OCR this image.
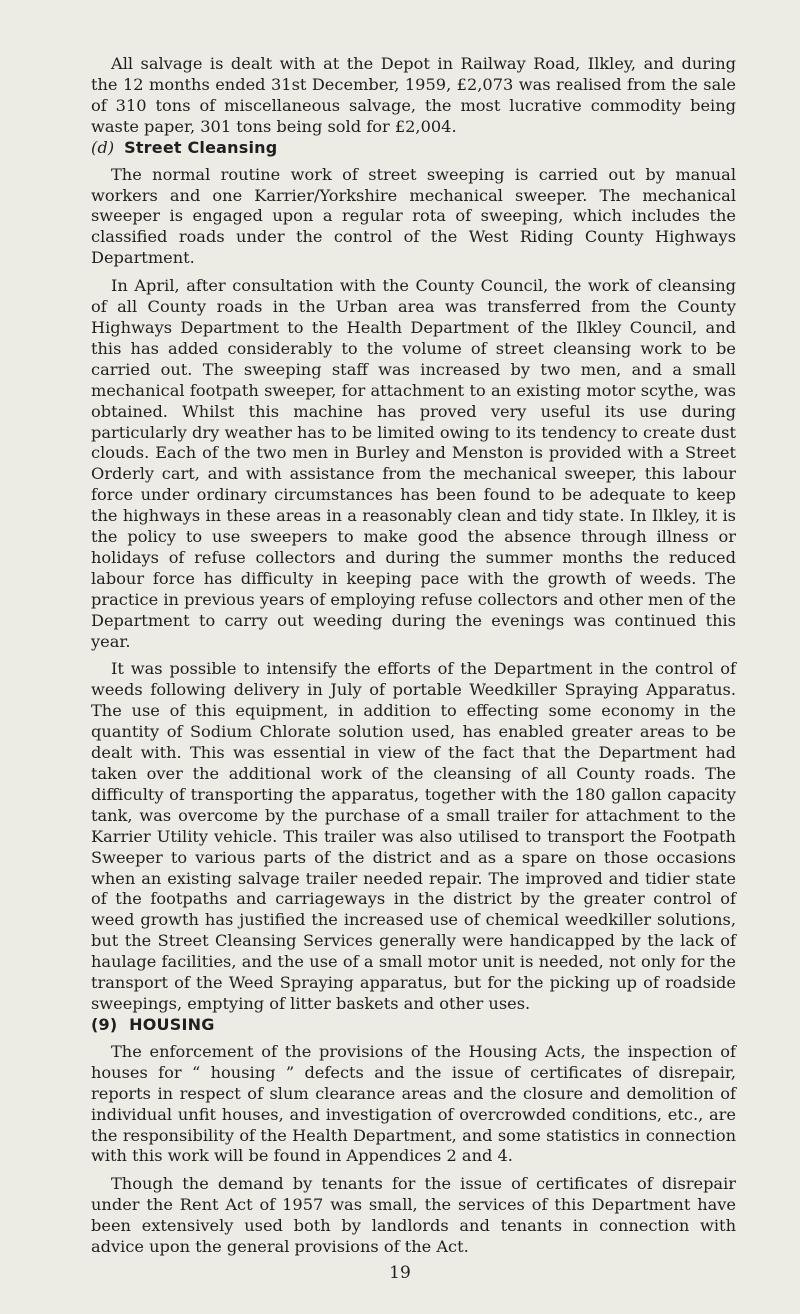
All salvage is dealt with at the Depot in Railway Road, Ilkley, and during the 12 months ended 31st December, 1959, £2,073 was realised from the sale of 310 tons of miscellaneous salvage, the most lucrative commodity being waste paper, 301 tons being sold for £2,004.

(d) Street Cleansing

The normal routine work of street sweeping is carried out by manual workers and one Karrier/Yorkshire mechanical sweeper. The mechanical sweeper is engaged upon a regular rota of sweeping, which includes the classified roads under the control of the West Riding County Highways Department.

In April, after consultation with the County Council, the work of cleansing of all County roads in the Urban area was transferred from the County Highways Department to the Health Department of the Ilkley Council, and this has added considerably to the volume of street cleansing work to be carried out. The sweeping staff was increased by two men, and a small mechanical footpath sweeper, for attachment to an existing motor scythe, was obtained. Whilst this machine has proved very useful its use during particularly dry weather has to be limited owing to its tendency to create dust clouds. Each of the two men in Burley and Menston is provided with a Street Orderly cart, and with assistance from the mechanical sweeper, this labour force under ordinary circumstances has been found to be adequate to keep the highways in these areas in a reasonably clean and tidy state. In Ilkley, it is the policy to use sweepers to make good the absence through illness or holidays of refuse collectors and during the summer months the reduced labour force has difficulty in keeping pace with the growth of weeds. The practice in previous years of employing refuse collectors and other men of the Department to carry out weeding during the evenings was continued this year.

It was possible to intensify the efforts of the Department in the control of weeds following delivery in July of portable Weedkiller Spraying Apparatus. The use of this equipment, in addition to effecting some economy in the quantity of Sodium Chlorate solution used, has enabled greater areas to be dealt with. This was essential in view of the fact that the Department had taken over the additional work of the cleansing of all County roads. The difficulty of transporting the apparatus, together with the 180 gallon capacity tank, was overcome by the purchase of a small trailer for attachment to the Karrier Utility vehicle. This trailer was also utilised to transport the Footpath Sweeper to various parts of the district and as a spare on those occasions when an existing salvage trailer needed repair. The improved and tidier state of the footpaths and carriageways in the district by the greater control of weed growth has justified the increased use of chemical weedkiller solutions, but the Street Cleansing Services generally were handicapped by the lack of haulage facilities, and the use of a small motor unit is needed, not only for the transport of the Weed Spraying apparatus, but for the picking up of roadside sweepings, emptying of litter baskets and other uses.

(9) HOUSING

The enforcement of the provisions of the Housing Acts, the inspection of houses for “ housing ” defects and the issue of certificates of disrepair, reports in respect of slum clearance areas and the closure and demolition of individual unfit houses, and investigation of overcrowded conditions, etc., are the responsibility of the Health Department, and some statistics in connection with this work will be found in Appendices 2 and 4.

Though the demand by tenants for the issue of certificates of disrepair under the Rent Act of 1957 was small, the services of this Department have been extensively used both by landlords and tenants in connection with advice upon the general provisions of the Act.

19
